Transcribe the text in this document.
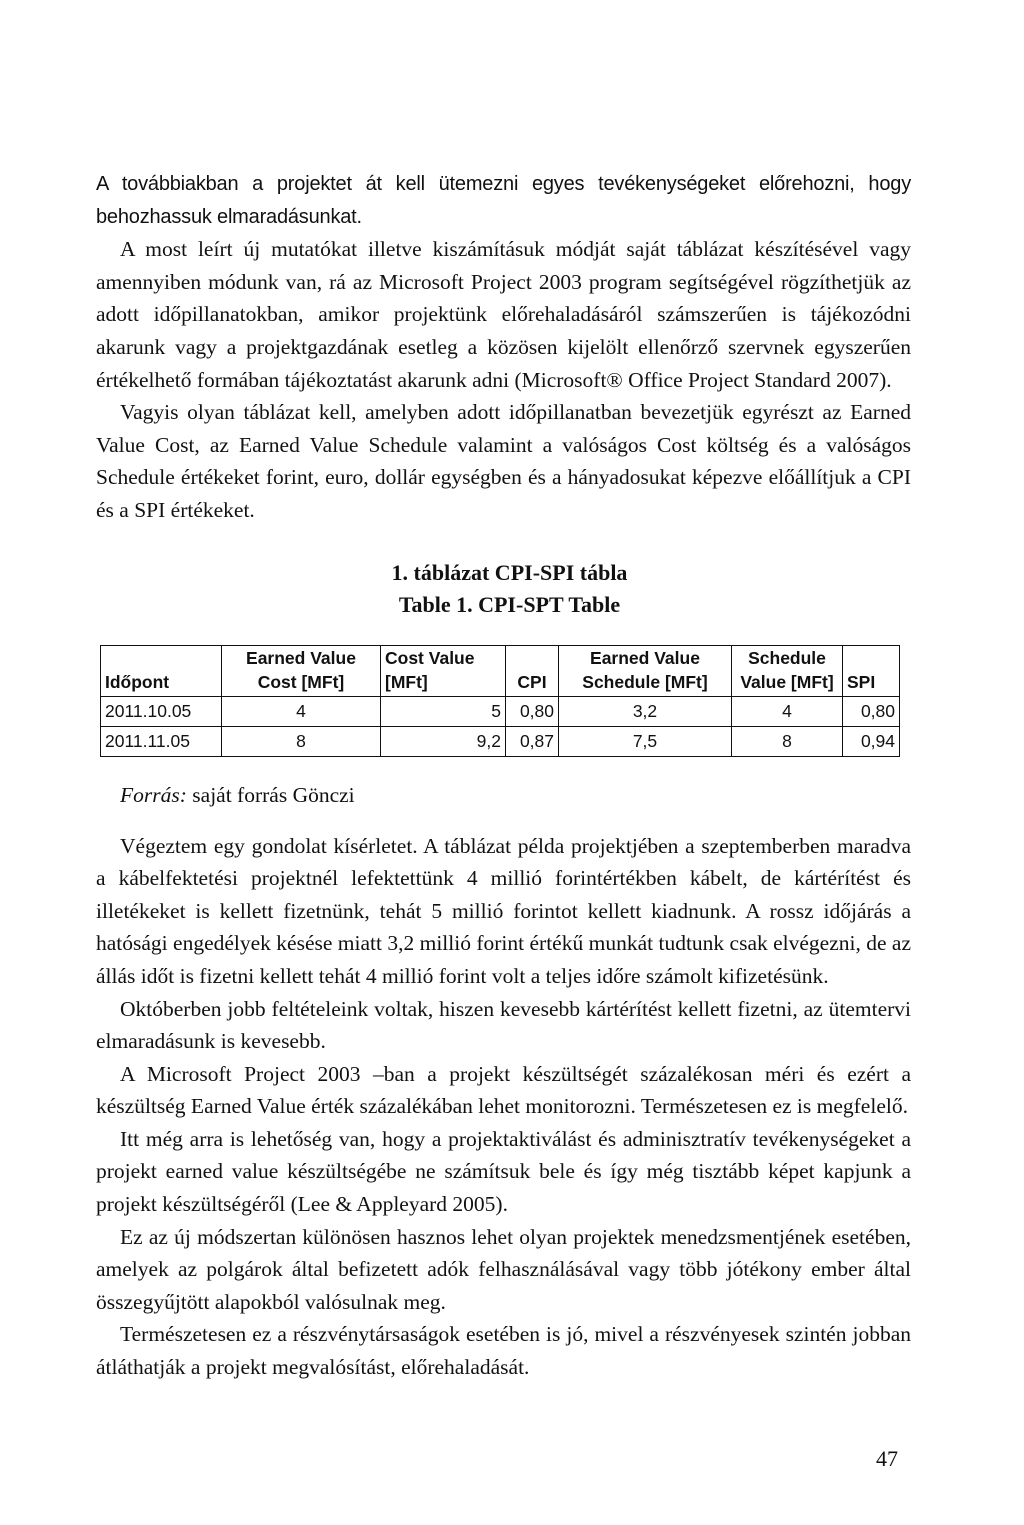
A továbbiakban a projektet át kell ütemezni egyes tevékenységeket előrehozni, hogy behozhassuk elmaradásunkat.

A most leírt új mutatókat illetve kiszámításuk módját saját táblázat készítésével vagy amennyiben módunk van, rá az Microsoft Project 2003 program segítségével rögzíthetjük az adott időpillanatokban, amikor projektünk előrehaladásáról számszerűen is tájékozódni akarunk vagy a projektgazdának esetleg a közösen kijelölt ellenőrző szervnek egyszerűen értékelhető formában tájékoztatást akarunk adni (Microsoft® Office Project Standard 2007).

Vagyis olyan táblázat kell, amelyben adott időpillanatban bevezetjük egyrészt az Earned Value Cost, az Earned Value Schedule valamint a valóságos Cost költség és a valóságos Schedule értékeket forint, euro, dollár egységben és a hányadosukat képezve előállítjuk a CPI és a SPI értékeket.

1. táblázat CPI-SPI tábla
Table 1. CPI-SPT Table
Időpont	Earned Value Cost [MFt]	Cost Value [MFt]	CPI	Earned Value Schedule [MFt]	Schedule Value [MFt]	SPI
2011.10.05	4	5	0,80	3,2	4	0,80
2011.11.05	8	9,2	0,87	7,5	8	0,94
Forrás: saját forrás Gönczi

Végeztem egy gondolat kísérletet. A táblázat példa projektjében a szeptemberben maradva a kábelfektetési projektnél lefektettünk 4 millió forintértékben kábelt, de kártérítést és illetékeket is kellett fizetnünk, tehát 5 millió forintot kellett kiadnunk. A rossz időjárás a hatósági engedélyek késése miatt 3,2 millió forint értékű munkát tudtunk csak elvégezni, de az állás időt is fizetni kellett tehát 4 millió forint volt a teljes időre számolt kifizetésünk.

Októberben jobb feltételeink voltak, hiszen kevesebb kártérítést kellett fizetni, az ütemtervi elmaradásunk is kevesebb.

A Microsoft Project 2003 –ban a projekt készültségét százalékosan méri és ezért a készültség Earned Value érték százalékában lehet monitorozni. Természetesen ez is megfelelő.

Itt még arra is lehetőség van, hogy a projektaktiválást és adminisztratív tevékenységeket a projekt earned value készültségébe ne számítsuk bele és így még tisztább képet kapjunk a projekt készültségéről (Lee & Appleyard 2005).

Ez az új módszertan különösen hasznos lehet olyan projektek menedzsmentjének esetében, amelyek az polgárok által befizetett adók felhasználásával vagy több jótékony ember által összegyűjtött alapokból valósulnak meg.

Természetesen ez a részvénytársaságok esetében is jó, mivel a részvényesek szintén jobban átláthatják a projekt megvalósítást, előrehaladását.

47
